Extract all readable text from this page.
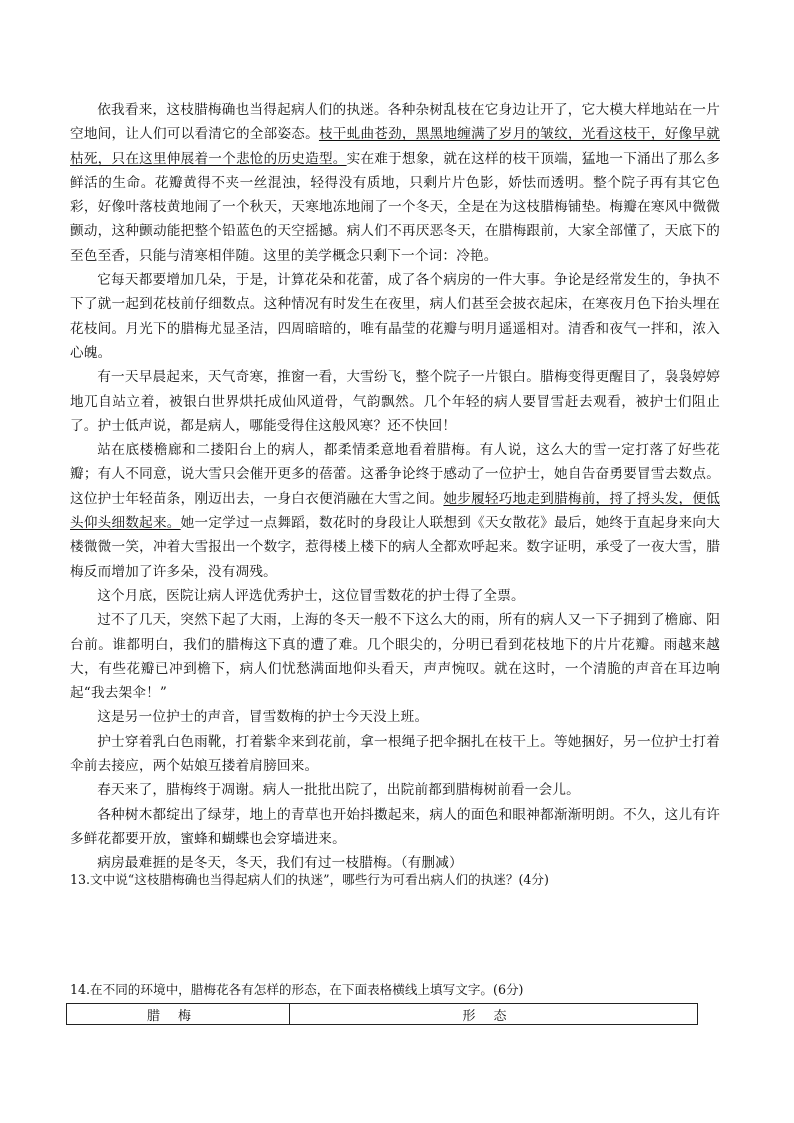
依我看来，这枝腊梅确也当得起病人们的执迷。各种杂树乱枝在它身边让开了，它大模大样地站在一片空地间，让人们可以看清它的全部姿态。枝干虬曲苍劲，黑黑地缠满了岁月的皱纹，光看这枝干，好像早就枯死，只在这里伸展着一个悲怆的历史造型。实在难于想象，就在这样的枝干顶端，猛地一下涌出了那么多鲜活的生命。花瓣黄得不夹一丝混浊，轻得没有质地，只剩片片色影，娇怯而透明。整个院子再有其它色彩，好像叶落枝黄地闹了一个秋天，天寒地冻地闹了一个冬天，全是在为这枝腊梅铺垫。梅瓣在寒风中微微颤动，这种颤动能把整个铅蓝色的天空摇撼。病人们不再厌恶冬天，在腊梅跟前，大家全部懂了，天底下的至色至香，只能与清寒相伴随。这里的美学概念只剩下一个词：冷艳。

它每天都要增加几朵，于是，计算花朵和花蕾，成了各个病房的一件大事。争论是经常发生的，争执不下了就一起到花枝前仔细数点。这种情况有时发生在夜里，病人们甚至会披衣起床，在寒夜月色下抬头埋在花枝间。月光下的腊梅尤显圣洁，四周暗暗的，唯有晶莹的花瓣与明月遥遥相对。清香和夜气一拌和，浓入心魄。

有一天早晨起来，天气奇寒，推窗一看，大雪纷飞，整个院子一片银白。腊梅变得更醒目了，袅袅婷婷地兀自站立着，被银白世界烘托成仙风道骨，气韵飘然。几个年轻的病人要冒雪赶去观看，被护士们阻止了。护士低声说，都是病人，哪能受得住这般风寒？还不快回！

站在底楼檐廊和二搂阳台上的病人，都柔情柔意地看着腊梅。有人说，这么大的雪一定打落了好些花瓣；有人不同意，说大雪只会催开更多的蓓蕾。这番争论终于感动了一位护士，她自告奋勇要冒雪去数点。这位护士年轻苗条，刚迈出去，一身白衣便消融在大雪之间。她步履轻巧地走到腊梅前，捋了捋头发，便低头仰头细数起来。她一定学过一点舞蹈，数花时的身段让人联想到《天女散花》最后，她终于直起身来向大楼微微一笑，冲着大雪报出一个数字，惹得楼上楼下的病人全都欢呼起来。数字证明，承受了一夜大雪，腊梅反而增加了许多朵，没有凋残。

这个月底，医院让病人评选优秀护士，这位冒雪数花的护士得了全票。

过不了几天，突然下起了大雨，上海的冬天一般不下这么大的雨，所有的病人又一下子拥到了檐廊、阳台前。谁都明白，我们的腊梅这下真的遭了难。几个眼尖的，分明已看到花枝地下的片片花瓣。雨越来越大，有些花瓣已冲到檐下，病人们忧愁满面地仰头看天，声声惋叹。就在这时，一个清脆的声音在耳边响起“我去架伞！”

这是另一位护士的声音，冒雪数梅的护士今天没上班。

护士穿着乳白色雨靴，打着紫伞来到花前，拿一根绳子把伞捆扎在枝干上。等她捆好，另一位护士打着伞前去接应，两个姑娘互搂着肩膀回来。

春天来了，腊梅终于凋谢。病人一批批出院了，出院前都到腊梅树前看一会儿。

各种树木都绽出了绿芽，地上的青草也开始抖擞起来，病人的面色和眼神都渐渐明朗。不久，这儿有许多鲜花都要开放，蜜蜂和蝴蝶也会穿墙进来。

病房最难捱的是冬天，冬天，我们有过一枝腊梅。（有删减）

13.文中说“这枝腊梅确也当得起病人们的执迷”，哪些行为可看出病人们的执迷？(4分)
14.在不同的环境中，腊梅花各有怎样的形态，在下面表格横线上填写文字。(6分)
腊梅	形态
